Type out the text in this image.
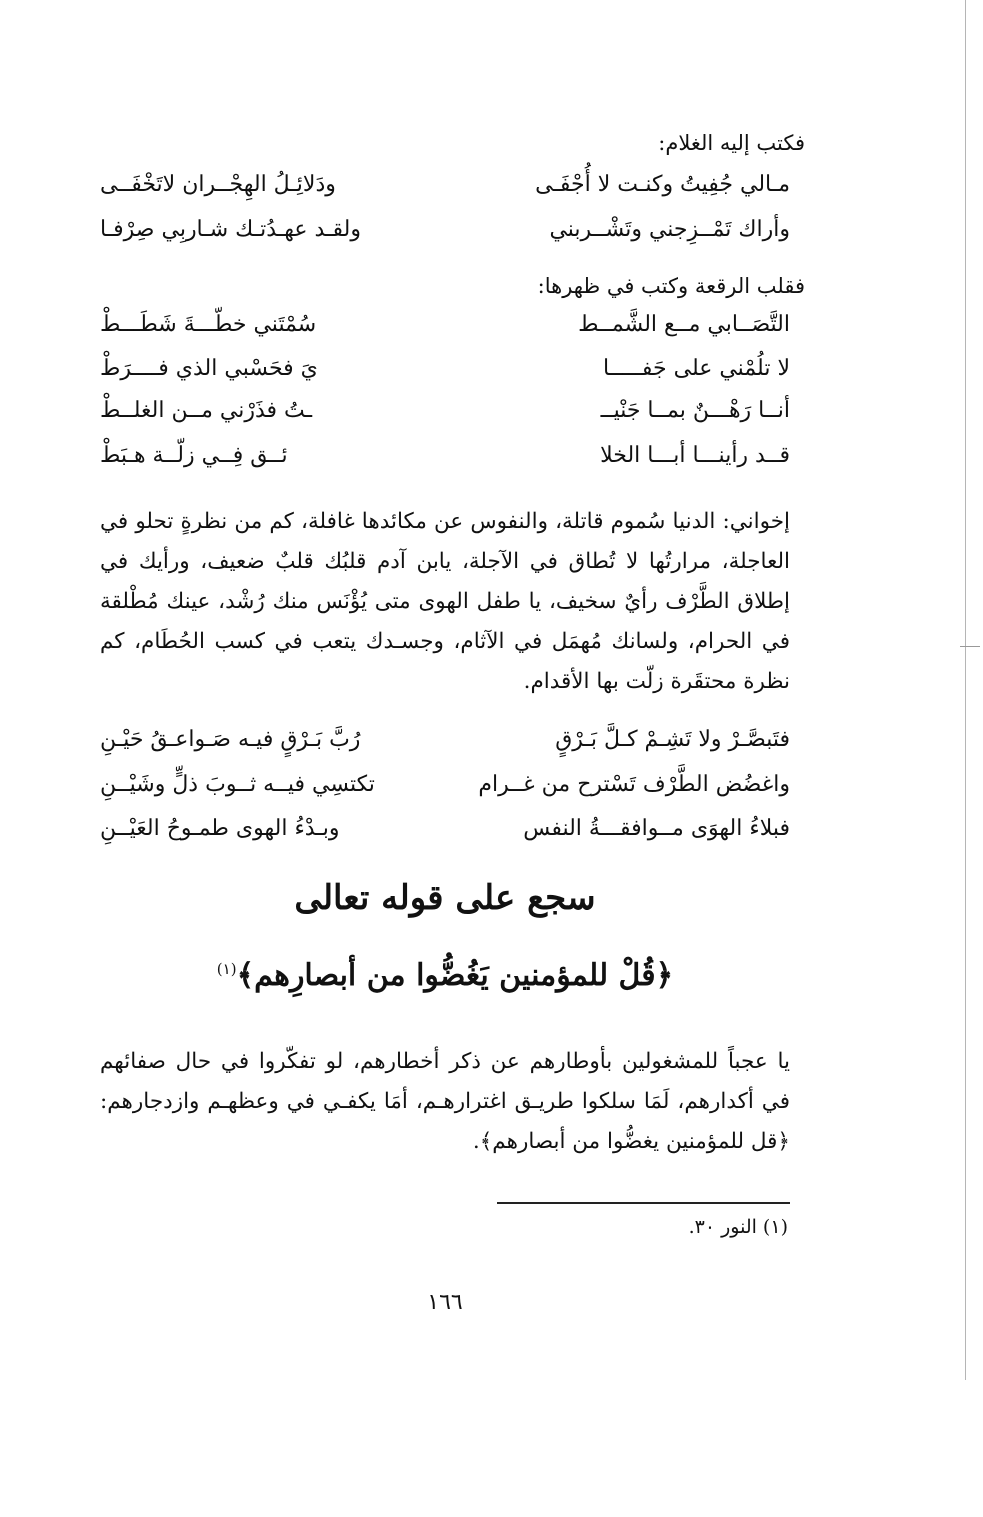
فكتب إليه الغلام:
مـالي جُفِيتُ وكنـت لا أُجْفَـى
ودَلائِـلُ الهِجْــران لاتَخْفَــى
وأراك تَمْــزِجني وتَشْــربني
ولقـد عهـدُتـك شـاربِي صِرْفـا
فقلب الرقعة وكتب في ظهرها:
التَّصَــابي مــع الشَّمــط
سُمْتَني خطّـــةَ شَطَـــطْ
لا تلُمْني على جَفـــــا
يَ فحَسْبي الذي فــــرَطْ
أنــا رَهْـــنٌ بمــا جَنْيــ
ـتُ فذَرْني مــن الغلــطْ
قــد رأينـــا أبـــا الخلا
ئــق فِــي زلّــة هـبَطْ

إخواني: الدنيا سُموم قاتلة، والنفوس عن مكائدها غافلة، كم من نظرةٍ تحلو في العاجلة، مرارتُها لا تُطاق في الآجلة، يابن آدم قلبُك قلبٌ ضعيف، ورأيك في إطلاق الطَّرْف رأيٌ سخيف، يا طفل الهوى متى يُؤْنَس منك رُشْد، عينك مُطْلقة في الحرام، ولسانك مُهمَل في الآثام، وجسـدك يتعب في كسب الحُطَام، كم نظرة محتقَرة زلّت بها الأقدام.

فتَبصَّـرْ ولا تَشِـمْ كـلَّ بَـرْقٍ
رُبَّ بَـرْقٍ فيـه صَـواعـقُ حَيْـنِ
واغضُض الطَّرْف تَسْترح من غــرام
تكتسِي فيــه ثــوبَ ذلٍّ وشَيْــنِ
فبلاءُ الهوَى مــوافقـــةُ النفس
وبـدْءُ الهوى طمـوحُ العَيْــنِ
سجع على قوله تعالى
﴿قُلْ للمؤمنين يَغُضُّوا من أبصارِهم﴾$^{(١)}$

يا عجباً للمشغولين بأوطارهم عن ذكر أخطارهم، لو تفكّروا في حال صفائهم في أكدارهم، لَمَا سلكوا طريـق اغترارهـم، أمَا يكفـي في وعظهـم وازدجارهم: ﴿قل للمؤمنين يغضُّوا من أبصارهم﴾.

(١) النور ٣٠.
١٦٦
